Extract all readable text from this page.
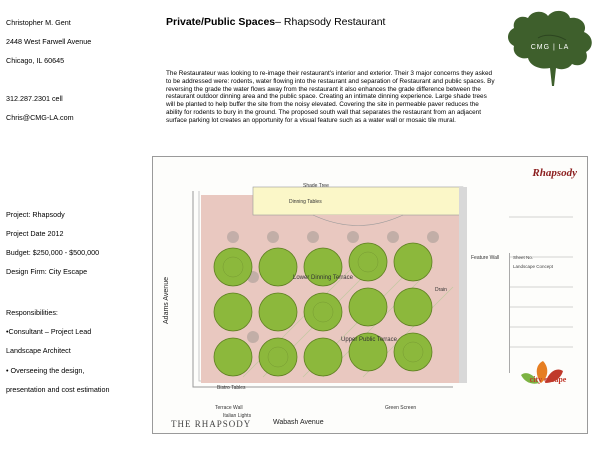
Christopher M. Gent

2448 West Farwell Avenue

Chicago, IL 60645

312.287.2301 cell

Chris@CMG-LA.com

Project: Rhapsody

Project Date 2012

Budget: $250,000 - $500,000

Design Firm: City Escape

Responsibilities:

•Consultant – Project Lead

Landscape Architect

• Overseeing the design,

presentation and cost estimation

Private/Public Spaces– Rhapsody Restaurant
The Restaurateur was looking to re-image their restaurant's interior and exterior. Their 3 major concerns they asked to be addressed were: rodents, water flowing into the restaurant and separation of Restaurant and public spaces. By reversing the grade the water flows away from the restaurant it also enhances the grade difference between the restaurant outdoor dinning area and the public space. Creating an intimate dinning experience. Large shade trees will be planted to help buffer the site from the noisy elevated. Covering the site in permeable paver reduces the ability for rodents to bury in the ground. The proposed south wall that separates the restaurant from an adjacent surface parking lot creates an opportunity for a visual feature such as a water wall or mosaic tile mural.
CMG | LA
Rhapsody
Shade Tree
Dinning Tables
Lower Dinning Terrace
Upper Public Terrace
Feature Wall
Drain
Terrace Wall
Italian Lights
Green Screen
Bistro Tables
Adams Avenue
Wabash Avenue
THE RHAPSODY
Sheet No.
Landscape Concept
city escape
